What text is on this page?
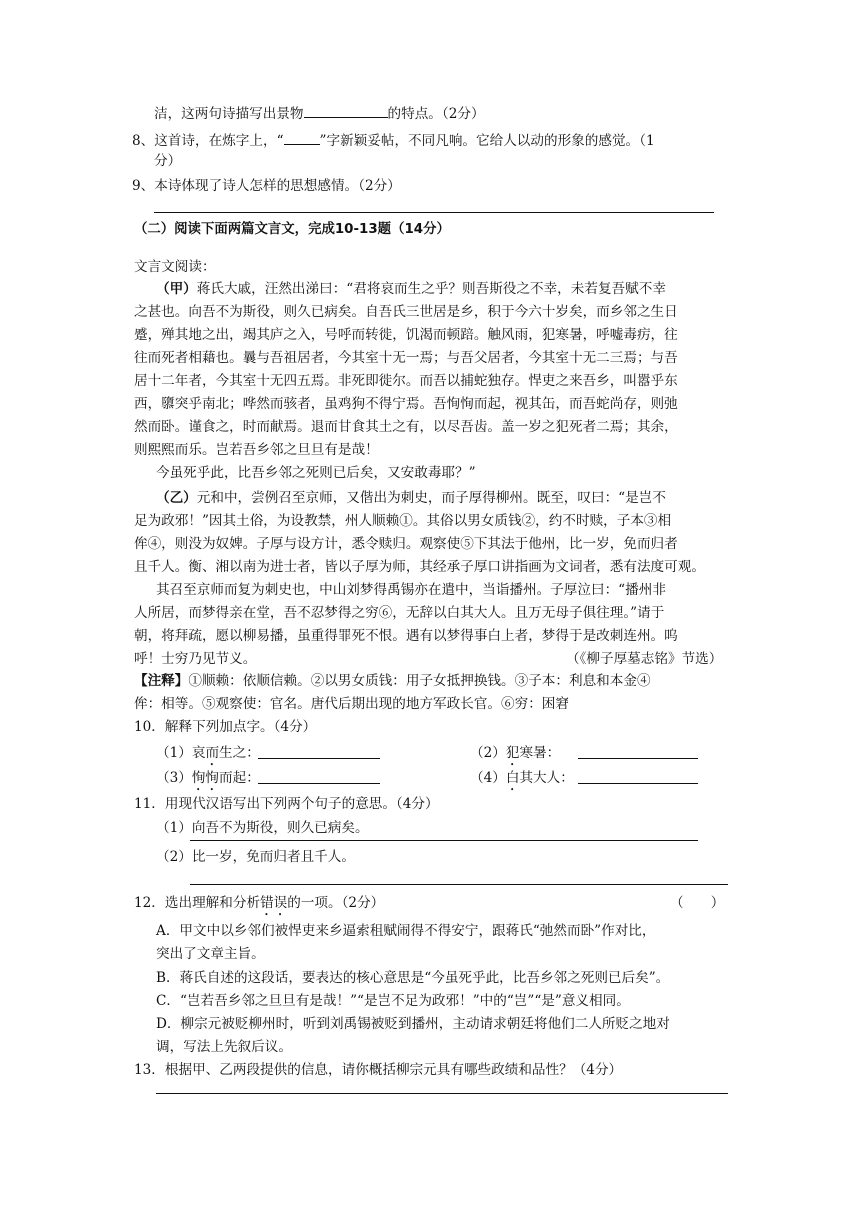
洁，这两句诗描写出景物	的特点。（2分）
8、这首诗，在炼字上，“	”字新颖妥帖，不同凡响。它给人以动的形象的感觉。（1
分）
9、本诗体现了诗人怎样的思想感情。（2分）
（二）阅读下面两篇文言文，完成10-13题（14分）
文言文阅读：
（甲）蒋氏大戚，汪然出涕曰：“君将哀而生之乎？则吾斯役之不幸，未若复吾赋不幸
之甚也。向吾不为斯役，则久已病矣。自吾氏三世居是乡，积于今六十岁矣，而乡邻之生日
蹙，殚其地之出，竭其庐之入，号呼而转徙，饥渴而顿踣。触风雨，犯寒暑，呼嘘毒疠，往
往而死者相藉也。曩与吾祖居者，今其室十无一焉；与吾父居者，今其室十无二三焉；与吾
居十二年者，今其室十无四五焉。非死即徙尔。而吾以捕蛇独存。悍吏之来吾乡，叫嚣乎东
西，隳突乎南北；哗然而骇者，虽鸡狗不得宁焉。吾恂恂而起，视其缶，而吾蛇尚存，则弛
然而卧。谨食之，时而献焉。退而甘食其土之有，以尽吾齿。盖一岁之犯死者二焉；其余，
则熙熙而乐。岂若吾乡邻之旦旦有是哉！
今虽死乎此，比吾乡邻之死则已后矣，又安敢毒耶？”
（乙）元和中，尝例召至京师，又偕出为刺史，而子厚得柳州。既至，叹曰：“是岂不
足为政邪！”因其土俗，为设教禁，州人顺赖①。其俗以男女质钱②，约不时赎，子本③相
侔④，则没为奴婢。子厚与设方计，悉令赎归。观察使⑤下其法于他州，比一岁，免而归者
且千人。衡、湘以南为进士者，皆以子厚为师，其经承子厚口讲指画为文词者，悉有法度可观。
其召至京师而复为刺史也，中山刘梦得禹锡亦在遣中，当诣播州。子厚泣曰：“播州非
人所居，而梦得亲在堂，吾不忍梦得之穷⑥，无辞以白其大人。且万无母子俱往理。”请于
朝，将拜疏，愿以柳易播，虽重得罪死不恨。遇有以梦得事白上者，梦得于是改刺连州。呜
呼！士穷乃见节义。	（《柳子厚墓志铭》节选）
【注释】①顺赖：依顺信赖。②以男女质钱：用子女抵押换钱。③子本：利息和本金④
侔：相等。⑤观察使：官名。唐代后期出现的地方军政长官。⑥穷：困窘
10．解释下列加点字。（4分）
（1）哀而生之：	（2）犯寒暑：
（3）恂恂而起：	（4）白其大人：
11．用现代汉语写出下列两个句子的意思。（4分）
（1）向吾不为斯役，则久已病矣。
（2）比一岁，免而归者且千人。
12．选出理解和分析错误的一项。（2分）	（　　）
A．甲文中以乡邻们被悍吏来乡逼索租赋闹得不得安宁，跟蒋氏“弛然而卧”作对比，
突出了文章主旨。
B．蒋氏自述的这段话，要表达的核心意思是“今虽死乎此，比吾乡邻之死则已后矣”。
C．“岂若吾乡邻之旦旦有是哉！”“是岂不足为政邪！”中的“岂”“是”意义相同。
D．柳宗元被贬柳州时，听到刘禹锡被贬到播州，主动请求朝廷将他们二人所贬之地对
调，写法上先叙后议。
13．根据甲、乙两段提供的信息，请你概括柳宗元具有哪些政绩和品性？（4分）
